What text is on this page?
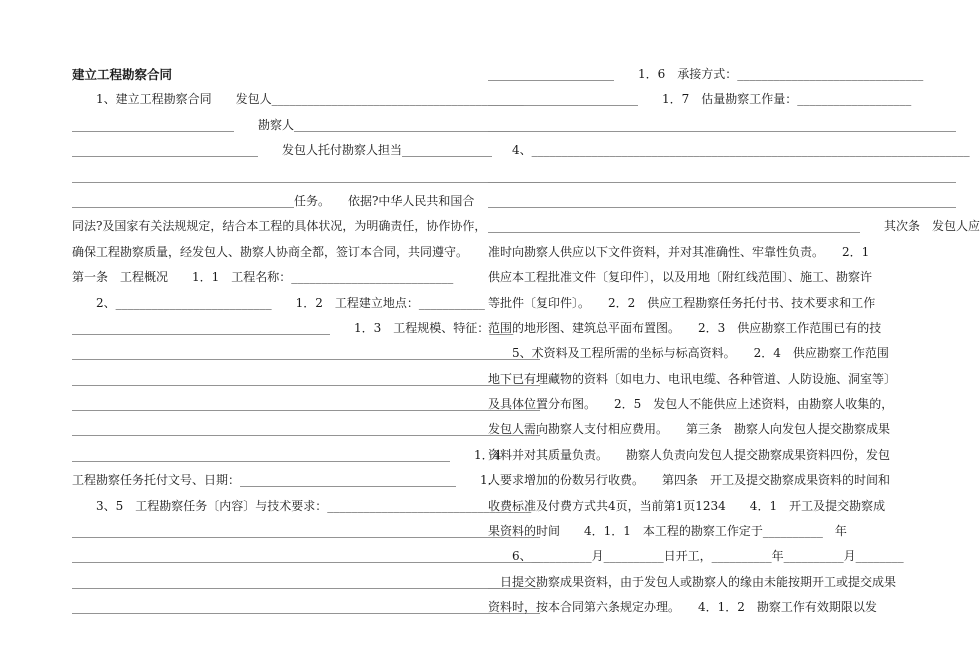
建立工程勘察合同
　　1、建立工程勘察合同　　发包人__________________________________________
___________________________　　勘察人____________________________________
_______________________________　　发包人托付勘察人担当_______________
______________________________________________________________________________
_____________________________________任务。　　依据?中华人民共和国合
同法?及国家有关法规规定，结合本工程的具体状况，为明确责任，协作协作，
确保工程勘察质量，经发包人、勘察人协商全都，签订本合同，共同遵守。
第一条　工程概况　　1．1　工程名称：___________________________
　　2、__________________________　　1．2　工程建立地点：___________
___________________________________________　　1．3　工程规模、特征：____
______________________________________________________________________________
______________________________________________________________________________
______________________________________________________________________________
______________________________________________________________________________
_______________________________________________________________　　1．4
工程勘察任务托付文号、日期：____________________________________　　1．
　　3、5　工程勘察任务〔内容〕与技术要求：__________________________________
______________________________________________________________________________
______________________________________________________________________________
______________________________________________________________________________
______________________________________________________________________________
_____________________　　1．6　承接方式：_______________________________
_________________________　　1．7　估量勘察工作量：___________________
______________________________________________________________________________
　　4、_________________________________________________________________________
______________________________________________________________________________
______________________________________________________________________________
______________________________________________________________　　其次条　发包人应
准时向勘察人供应以下文件资料，并对其准确性、牢靠性负责。　　2．1
供应本工程批准文件〔复印件〕，以及用地〔附红线范围〕、施工、勘察许
等批件〔复印件〕。　　2．2　供应工程勘察任务托付书、技术要求和工作
范围的地形图、建筑总平面布置图。　　2．3　供应勘察工作范围已有的技
　　5、术资料及工程所需的坐标与标高资料。　　2．4　供应勘察工作范围
地下已有埋藏物的资料〔如电力、电讯电缆、各种管道、人防设施、洞室等〕
及具体位置分布图。　　2．5　发包人不能供应上述资料，由勘察人收集的，
发包人需向勘察人支付相应费用。　　第三条　勘察人向发包人提交勘察成果
资料并对其质量负责。　　勘察人负责向发包人提交勘察成果资料四份，发包
人要求增加的份数另行收费。　　第四条　开工及提交勘察成果资料的时间和
收费标准及付费方式共4页，当前第1页1234　　4．1　开工及提交勘察成
果资料的时间　　4．1．1　本工程的勘察工作定于__________　年
　　6、__________月__________日开工，__________年__________月________
__日提交勘察成果资料，由于发包人或勘察人的缘由未能按期开工或提交成果
资料时，按本合同第六条规定办理。　　4．1．2　勘察工作有效期限以发
